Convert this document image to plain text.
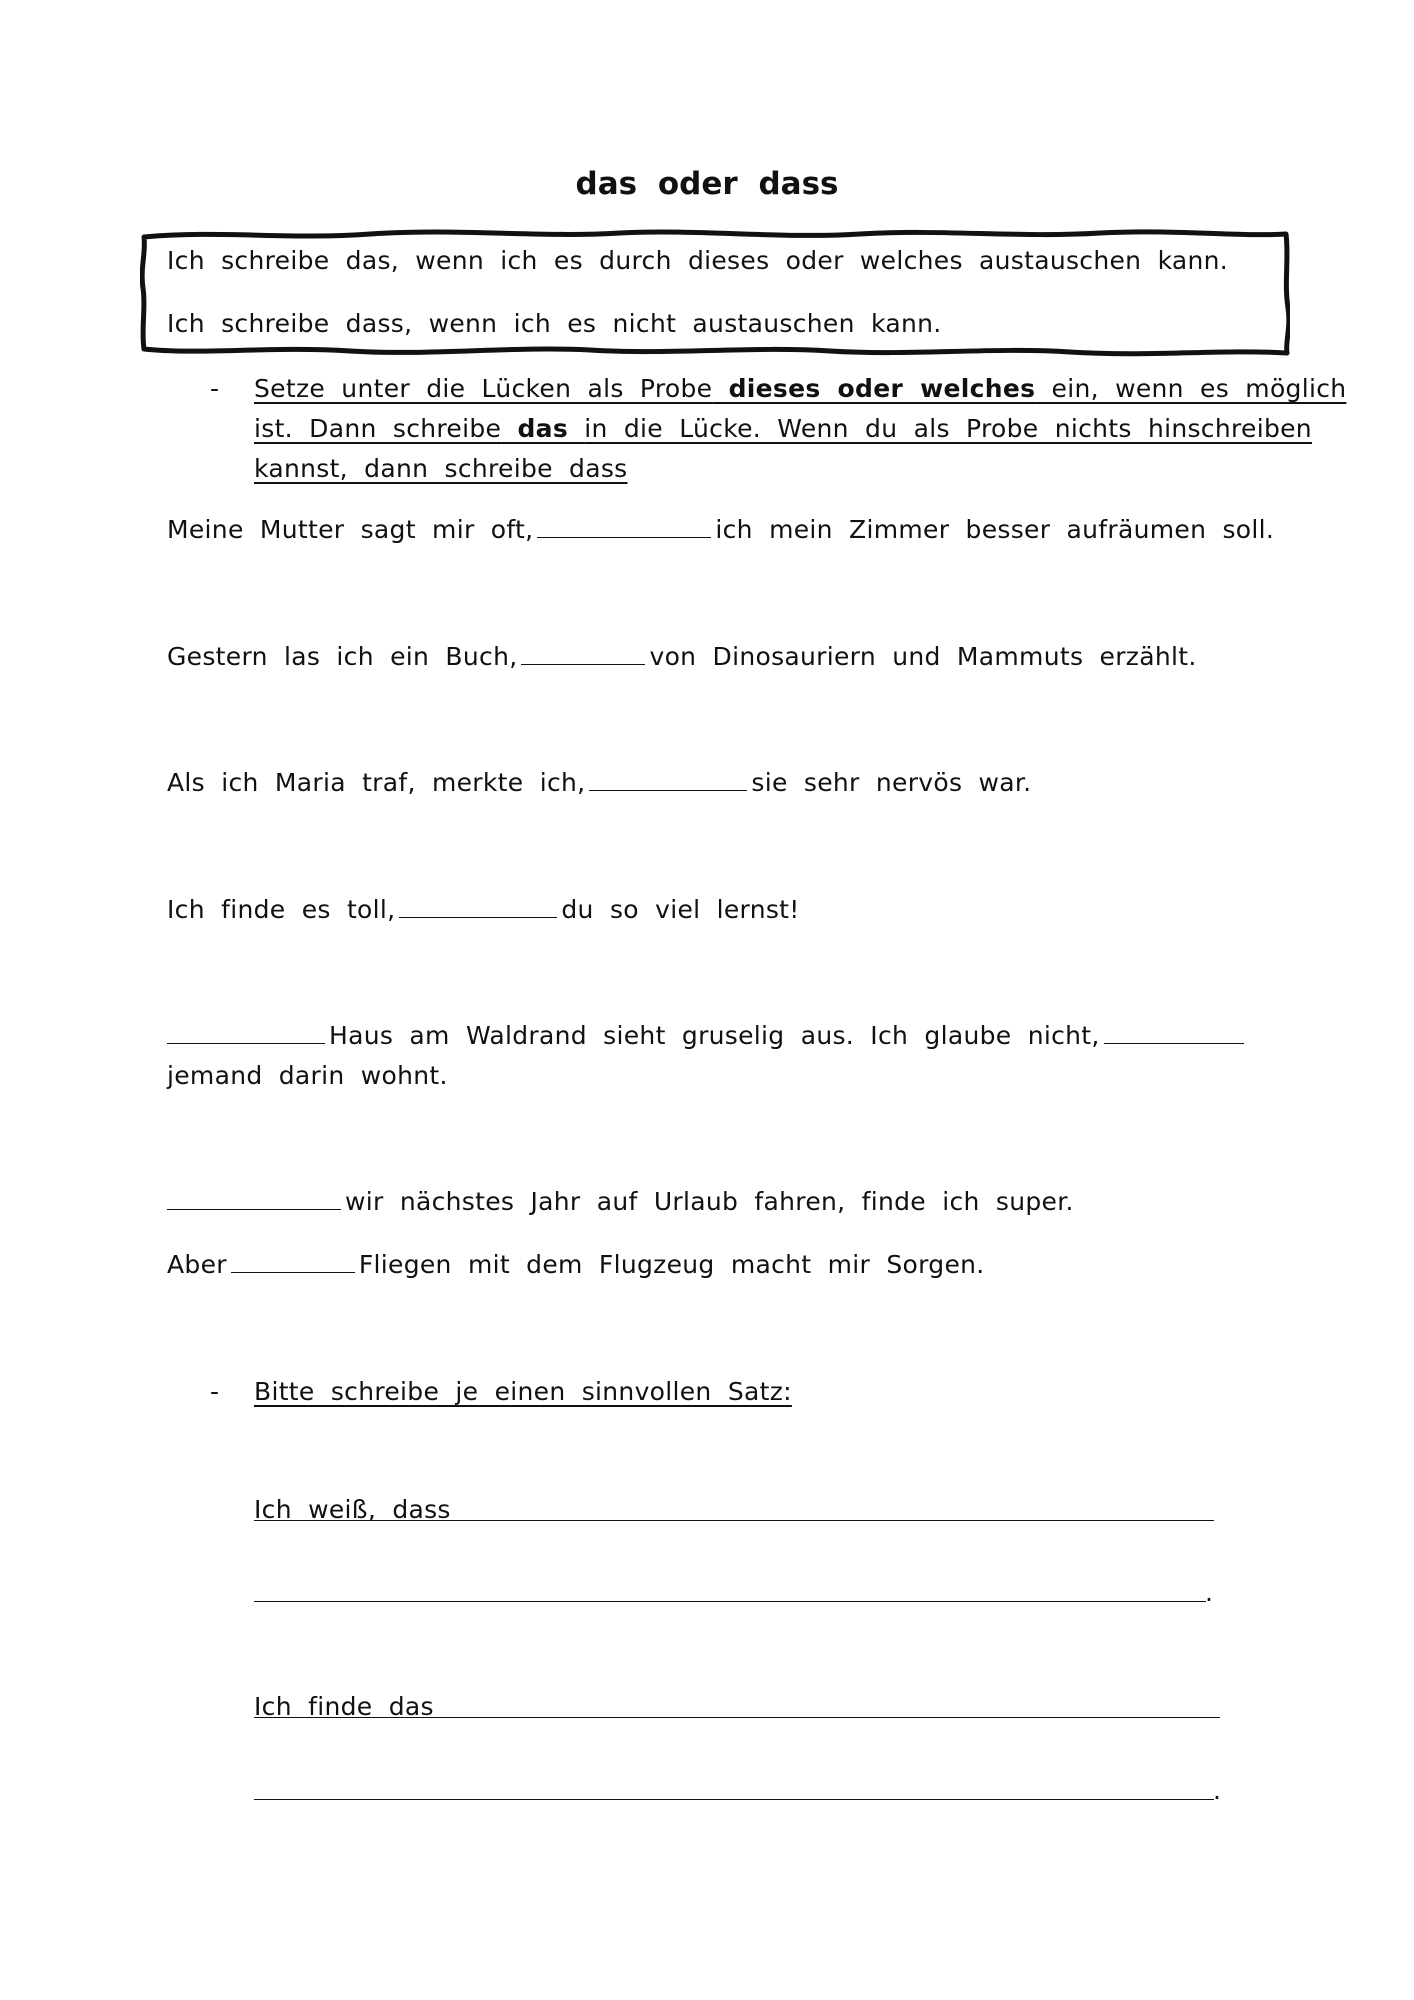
das oder dass
Ich schreibe das, wenn ich es durch dieses oder welches austauschen kann.
Ich schreibe dass, wenn ich es nicht austauschen kann.
- Setze unter die Lücken als Probe dieses oder welches ein, wenn es möglich
ist. Dann schreibe das in die Lücke. Wenn du als Probe nichts hinschreiben
kannst, dann schreibe dass
Meine Mutter sagt mir oft,	ich mein Zimmer besser aufräumen soll.
Gestern las ich ein Buch,	von Dinosauriern und Mammuts erzählt.
Als ich Maria traf, merkte ich,	sie sehr nervös war.
Ich finde es toll,	du so viel lernst!
Haus am Waldrand sieht gruselig aus. Ich glaube nicht,
jemand darin wohnt.
wir nächstes Jahr auf Urlaub fahren, finde ich super.
Aber	Fliegen mit dem Flugzeug macht mir Sorgen.
- Bitte schreibe je einen sinnvollen Satz:
Ich weiß, dass
.
Ich finde das
.
